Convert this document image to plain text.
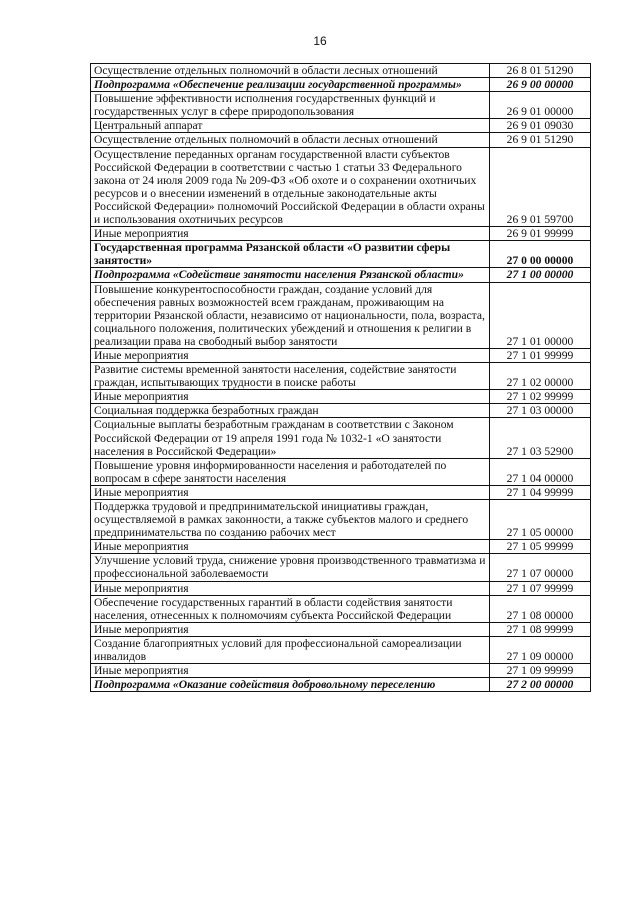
16
Осуществление отдельных полномочий в области лесных отношений	26 8 01 51290
Подпрограмма «Обеспечение реализации государственной программы»	26 9 00 00000
Повышение эффективности исполнения государственных функций и государственных услуг в сфере природопользования	26 9 01 00000
Центральный аппарат	26 9 01 09030
Осуществление отдельных полномочий в области лесных отношений	26 9 01 51290
Осуществление переданных органам государственной власти субъектов Российской Федерации в соответствии с частью 1 статьи 33 Федерального закона от 24 июля 2009 года № 209-ФЗ «Об охоте и о сохранении охотничьих ресурсов и о внесении изменений в отдельные законодательные акты Российской Федерации» полномочий Российской Федерации в области охраны и использования охотничьих ресурсов	26 9 01 59700
Иные мероприятия	26 9 01 99999
Государственная программа Рязанской области «О развитии сферы занятости»	27 0 00 00000
Подпрограмма «Содействие занятости населения Рязанской области»	27 1 00 00000
Повышение конкурентоспособности граждан, создание условий для обеспечения равных возможностей всем гражданам, проживающим на территории Рязанской области, независимо от национальности, пола, возраста, социального положения, политических убеждений и отношения к религии в реализации права на свободный выбор занятости	27 1 01 00000
Иные мероприятия	27 1 01 99999
Развитие системы временной занятости населения, содействие занятости граждан, испытывающих трудности в поиске работы	27 1 02 00000
Иные мероприятия	27 1 02 99999
Социальная поддержка безработных граждан	27 1 03 00000
Социальные выплаты безработным гражданам в соответствии с Законом Российской Федерации от 19 апреля 1991 года № 1032-1 «О занятости населения в Российской Федерации»	27 1 03 52900
Повышение уровня информированности населения и работодателей по вопросам в сфере занятости населения	27 1 04 00000
Иные мероприятия	27 1 04 99999
Поддержка трудовой и предпринимательской инициативы граждан, осуществляемой в рамках законности, а также субъектов малого и среднего предпринимательства по созданию рабочих мест	27 1 05 00000
Иные мероприятия	27 1 05 99999
Улучшение условий труда, снижение уровня производственного травматизма и профессиональной заболеваемости	27 1 07 00000
Иные мероприятия	27 1 07 99999
Обеспечение государственных гарантий в области содействия занятости населения, отнесенных к полномочиям субъекта Российской Федерации	27 1 08 00000
Иные мероприятия	27 1 08 99999
Создание благоприятных условий для профессиональной самореализации инвалидов	27 1 09 00000
Иные мероприятия	27 1 09 99999
Подпрограмма «Оказание содействия добровольному переселению	27 2 00 00000
